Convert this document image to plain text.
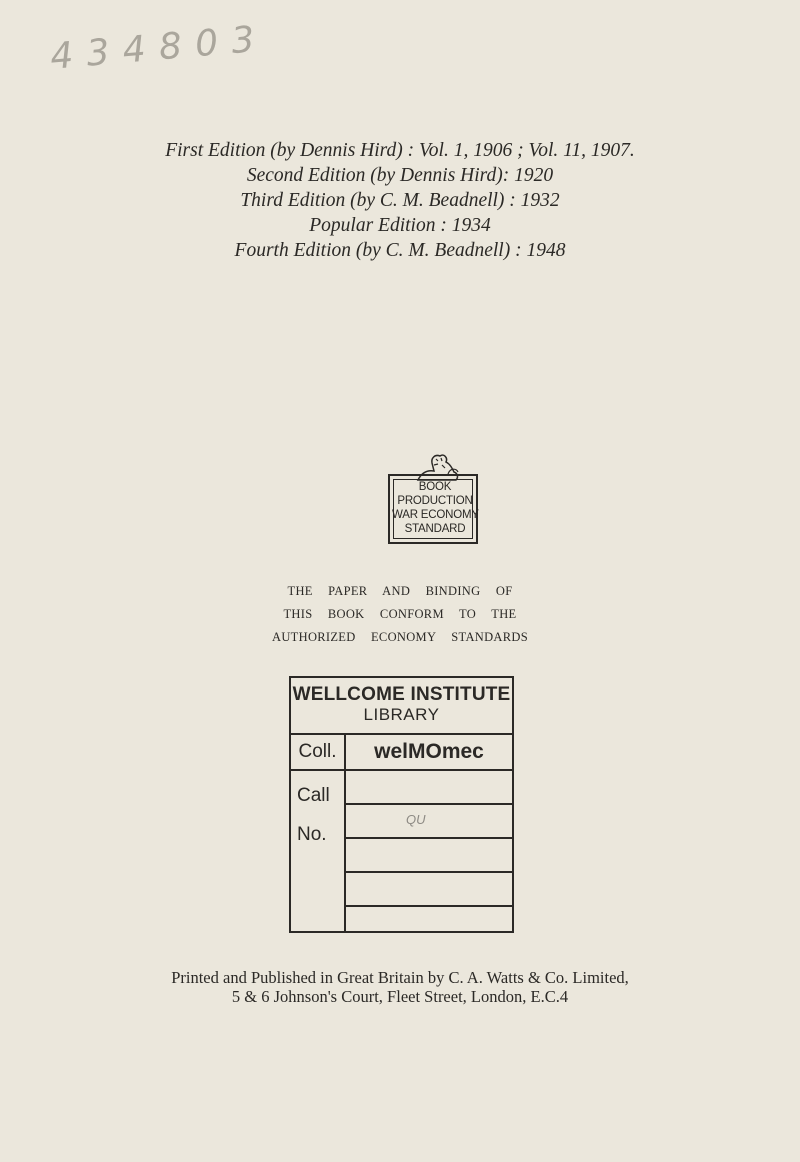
4 3 4 8 0 3
First Edition (by Dennis Hird) : Vol. 1, 1906 ; Vol. 11, 1907.
Second Edition (by Dennis Hird): 1920
Third Edition (by C. M. Beadnell) : 1932
Popular Edition : 1934
Fourth Edition (by C. M. Beadnell) : 1948
BOOK
PRODUCTION
WAR ECONOMY
STANDARD
THE PAPER AND BINDING OF
THIS BOOK CONFORM TO THE
AUTHORIZED ECONOMY STANDARDS
WELLCOME INSTITUTE
LIBRARY
Coll.	welMOmec
Call
No.
QU
Printed and Published in Great Britain by C. A. Watts & Co. Limited,
5 & 6 Johnson's Court, Fleet Street, London, E.C.4
